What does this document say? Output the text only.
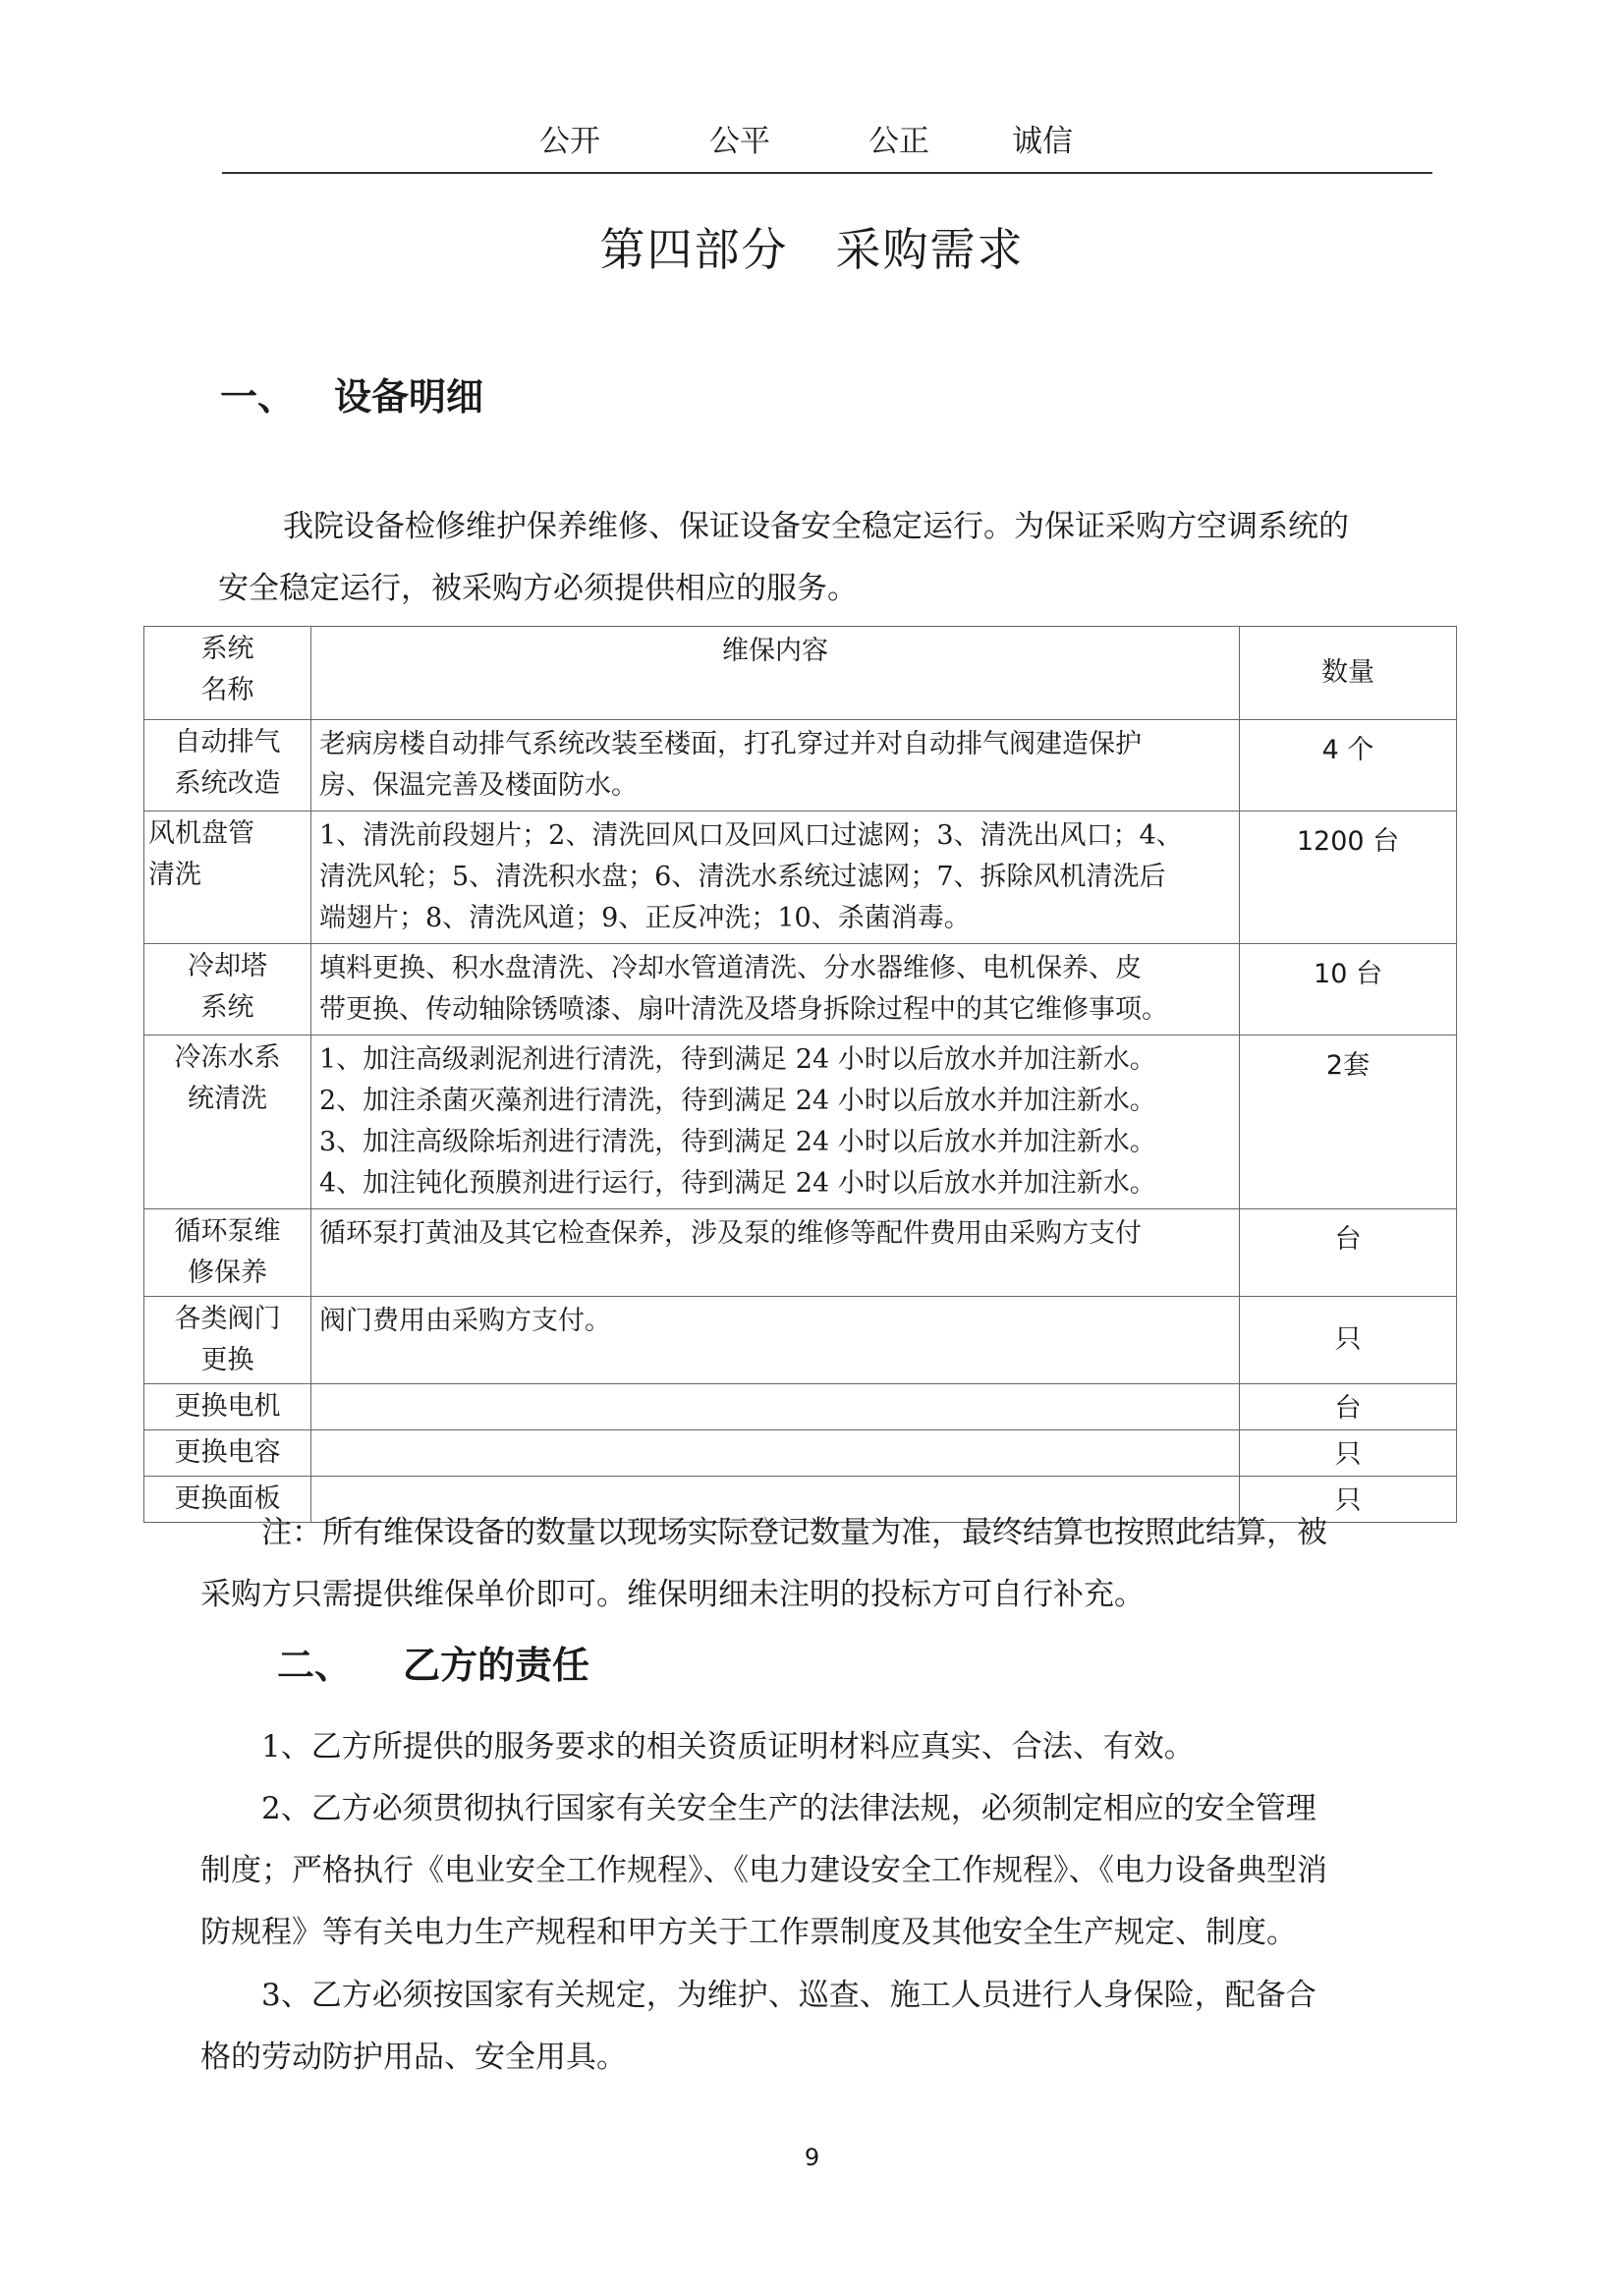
公开	公平	公正	诚信
第四部分　采购需求
一、 设备明细
我院设备检修维护保养维修、保证设备安全稳定运行。为保证采购方空调系统的
安全稳定运行，被采购方必须提供相应的服务。
系统
名称	维保内容	数量

自动排气
系统改造	老病房楼自动排气系统改装至楼面，打孔穿过并对自动排气阀建造保护
房、保温完善及楼面防水。	4 个

风机盘管
清洗	1、清洗前段翅片；2、清洗回风口及回风口过滤网；3、清洗出风口；4、
清洗风轮；5、清洗积水盘；6、清洗水系统过滤网；7、拆除风机清洗后
端翅片；8、清洗风道；9、正反冲洗；10、杀菌消毒。	1200 台

冷却塔
系统	填料更换、积水盘清洗、冷却水管道清洗、分水器维修、电机保养、皮
带更换、传动轴除锈喷漆、扇叶清洗及塔身拆除过程中的其它维修事项。	10 台

冷冻水系
统清洗	1、加注高级剥泥剂进行清洗，待到满足 24 小时以后放水并加注新水。
2、加注杀菌灭藻剂进行清洗，待到满足 24 小时以后放水并加注新水。
3、加注高级除垢剂进行清洗，待到满足 24 小时以后放水并加注新水。
4、加注钝化预膜剂进行运行，待到满足 24 小时以后放水并加注新水。	2套

循环泵维
修保养	循环泵打黄油及其它检查保养，涉及泵的维修等配件费用由采购方支付	台

各类阀门
更换	阀门费用由采购方支付。	只
更换电机		台
更换电容		只
更换面板		只
注：所有维保设备的数量以现场实际登记数量为准，最终结算也按照此结算，被
采购方只需提供维保单价即可。维保明细未注明的投标方可自行补充。
二、 乙方的责任
1、乙方所提供的服务要求的相关资质证明材料应真实、合法、有效。
2、乙方必须贯彻执行国家有关安全生产的法律法规，必须制定相应的安全管理
制度；严格执行《电业安全工作规程》、《电力建设安全工作规程》、《电力设备典型消
防规程》等有关电力生产规程和甲方关于工作票制度及其他安全生产规定、制度。
3、乙方必须按国家有关规定，为维护、巡查、施工人员进行人身保险，配备合
格的劳动防护用品、安全用具。
9
